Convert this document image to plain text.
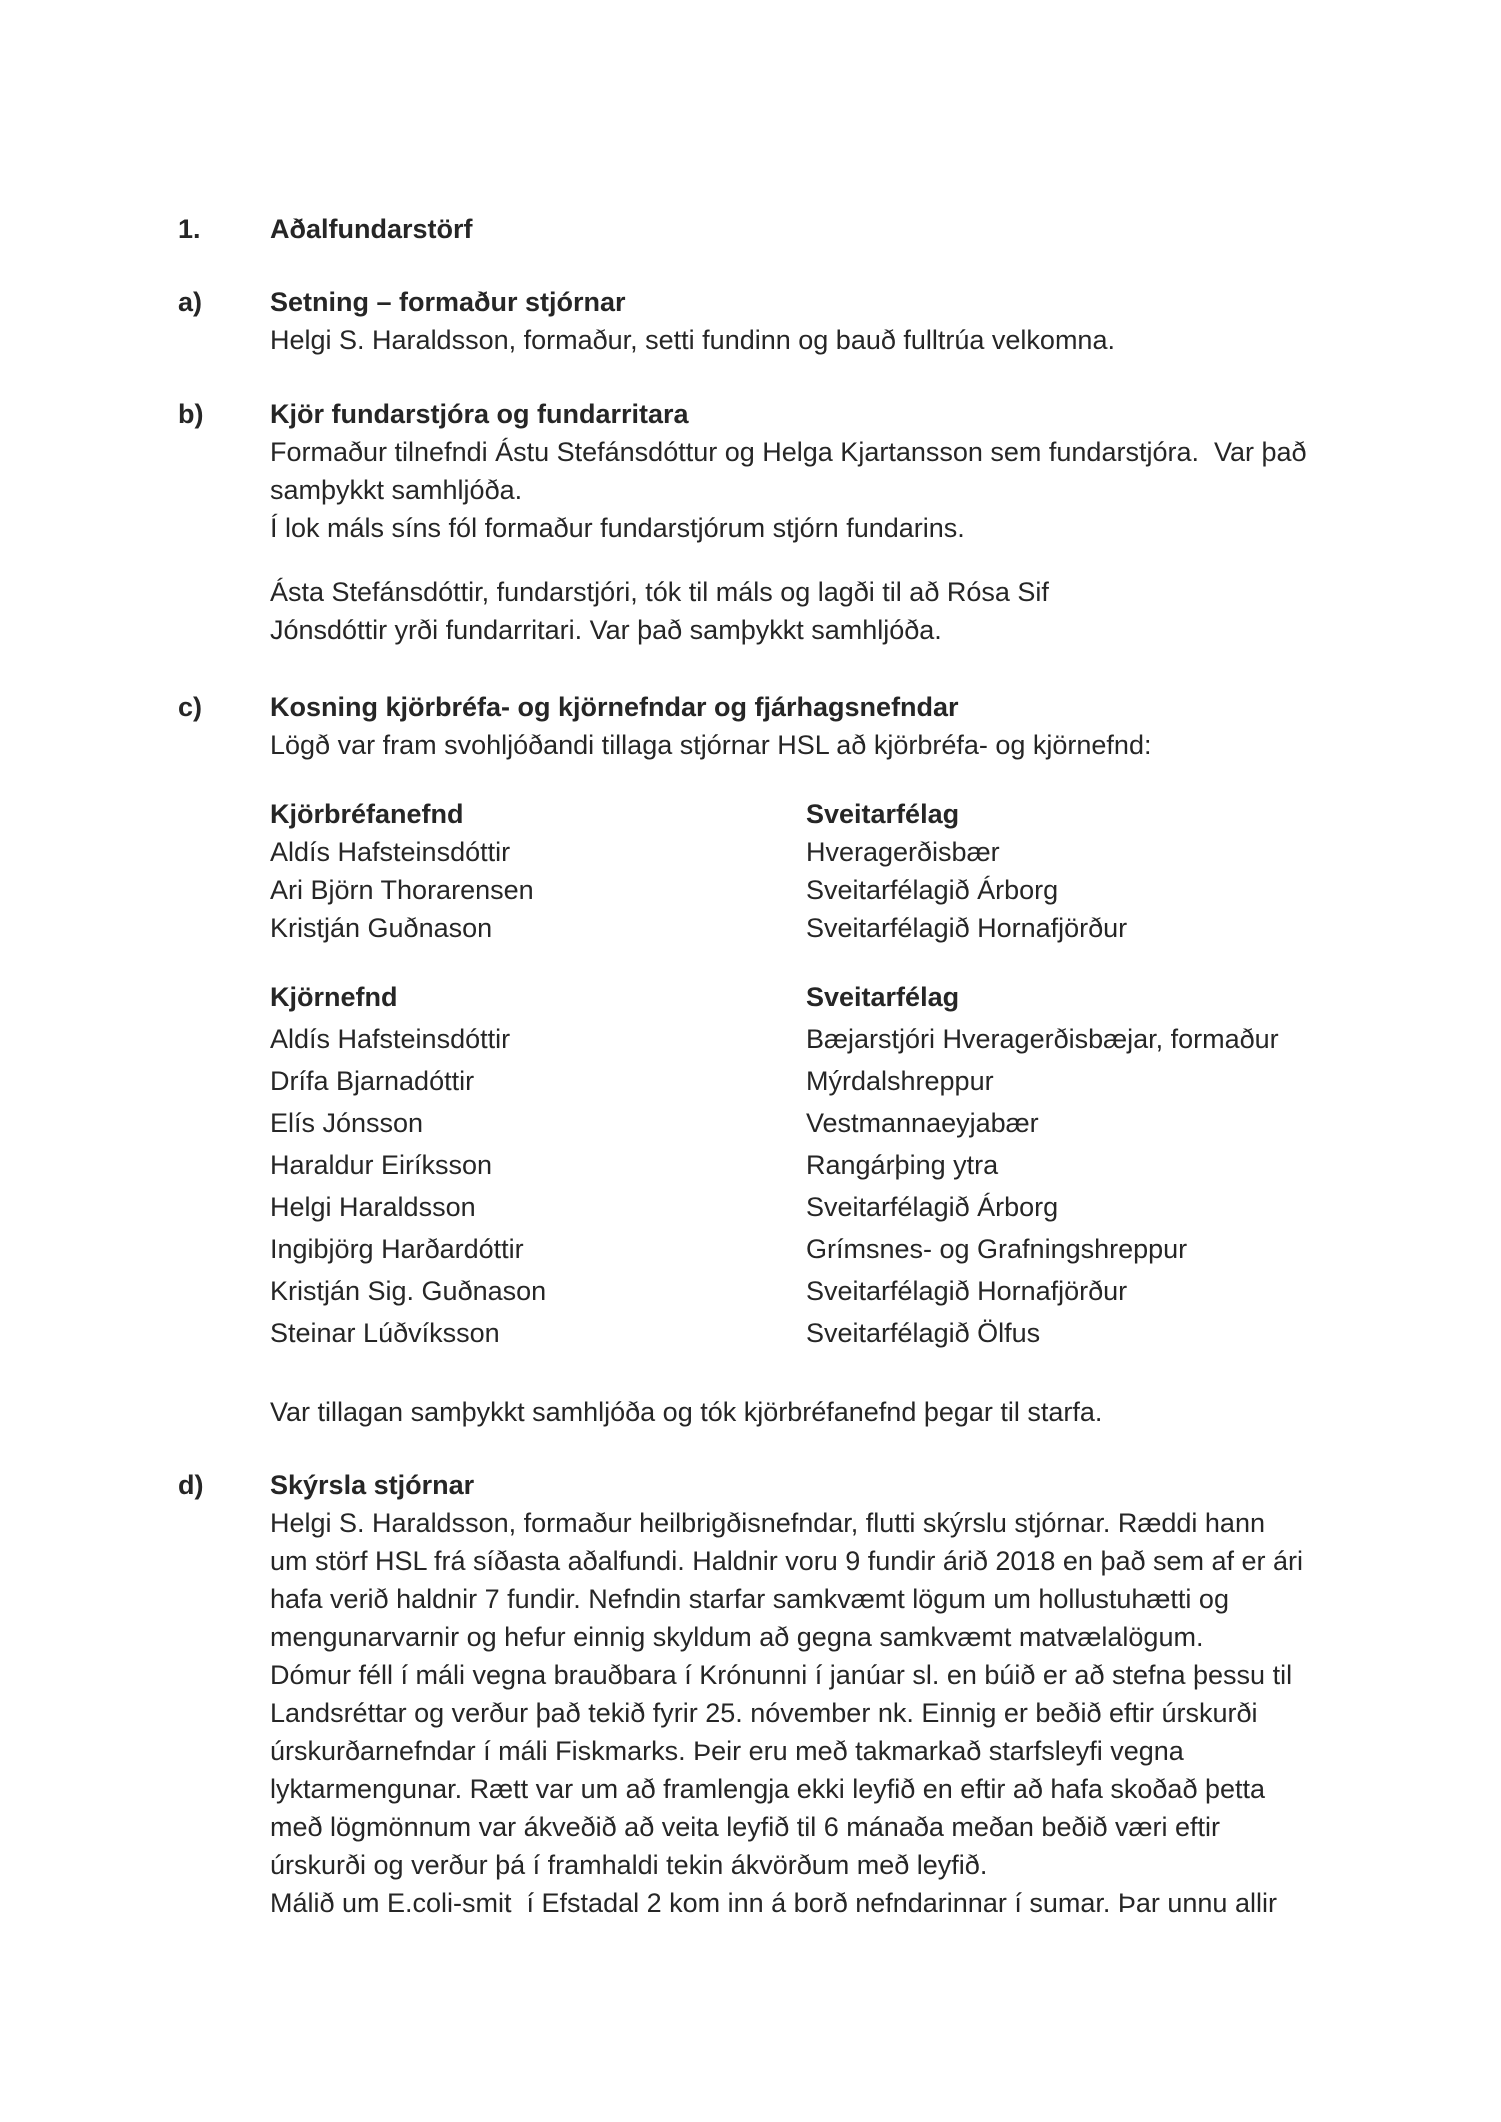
1.	Aðalfundarstörf
a)	Setning – formaður stjórnar
Helgi S. Haraldsson, formaður, setti fundinn og bauð fulltrúa velkomna.
b) Kjör fundarstjóra og fundarritara
Formaður tilnefndi Ástu Stefánsdóttur og Helga Kjartansson sem fundarstjóra.  Var það
samþykkt samhljóða.
Í lok máls síns fól formaður fundarstjórum stjórn fundarins.
Ásta Stefánsdóttir, fundarstjóri, tók til máls og lagði til að Rósa Sif
Jónsdóttir yrði fundarritari. Var það samþykkt samhljóða.
c)	Kosning kjörbréfa- og kjörnefndar og fjárhagsnefndar
Lögð var fram svohljóðandi tillaga stjórnar HSL að kjörbréfa- og kjörnefnd:
Kjörbréfanefnd	Sveitarfélag
Aldís Hafsteinsdóttir	Hveragerðisbær
Ari Björn Thorarensen	Sveitarfélagið Árborg
Kristján Guðnason	Sveitarfélagið Hornafjörður
Kjörnefnd	Sveitarfélag
Aldís Hafsteinsdóttir	Bæjarstjóri Hveragerðisbæjar, formaður
Drífa Bjarnadóttir	Mýrdalshreppur
Elís Jónsson	Vestmannaeyjabær
Haraldur Eiríksson	Rangárþing ytra
Helgi Haraldsson	Sveitarfélagið Árborg
Ingibjörg Harðardóttir	Grímsnes- og Grafningshreppur
Kristján Sig. Guðnason	Sveitarfélagið Hornafjörður
Steinar Lúðvíksson	Sveitarfélagið Ölfus
Var tillagan samþykkt samhljóða og tók kjörbréfanefnd þegar til starfa.
d) Skýrsla stjórnar
Helgi S. Haraldsson, formaður heilbrigðisnefndar, flutti skýrslu stjórnar. Ræddi hann
um störf HSL frá síðasta aðalfundi. Haldnir voru 9 fundir árið 2018 en það sem af er ári
hafa verið haldnir 7 fundir. Nefndin starfar samkvæmt lögum um hollustuhætti og
mengunarvarnir og hefur einnig skyldum að gegna samkvæmt matvælalögum.
Dómur féll í máli vegna brauðbara í Krónunni í janúar sl. en búið er að stefna þessu til
Landsréttar og verður það tekið fyrir 25. nóvember nk. Einnig er beðið eftir úrskurði
úrskurðarnefndar í máli Fiskmarks. Þeir eru með takmarkað starfsleyfi vegna
lyktarmengunar. Rætt var um að framlengja ekki leyfið en eftir að hafa skoðað þetta
með lögmönnum var ákveðið að veita leyfið til 6 mánaða meðan beðið væri eftir
úrskurði og verður þá í framhaldi tekin ákvörðum með leyfið.
Málið um E.coli-smit  í Efstadal 2 kom inn á borð nefndarinnar í sumar. Þar unnu allir
